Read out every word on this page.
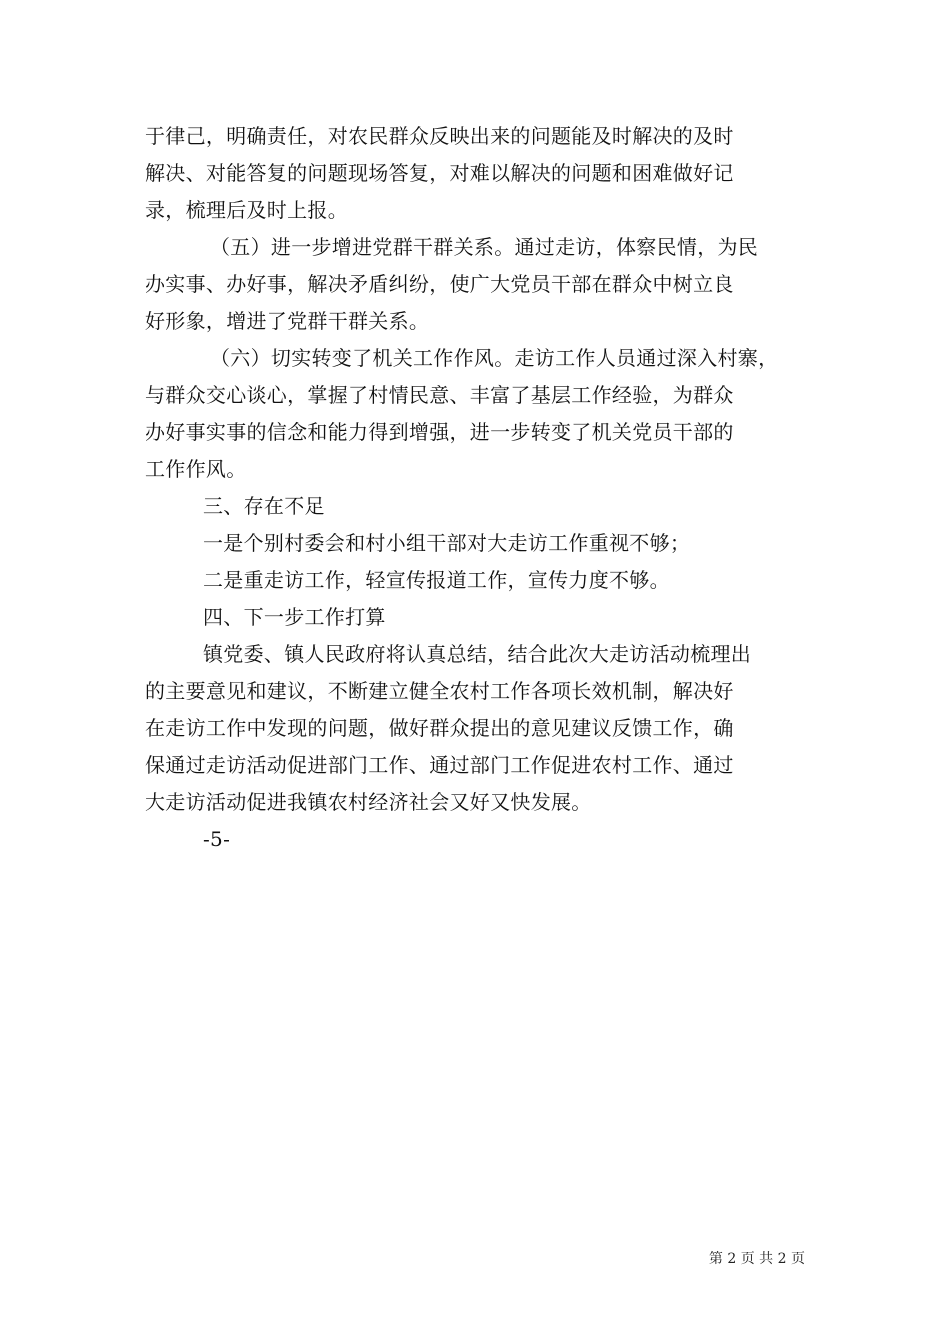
于律己，明确责任，对农民群众反映出来的问题能及时解决的及时
解决、对能答复的问题现场答复，对难以解决的问题和困难做好记
录，梳理后及时上报。
（五）进一步增进党群干群关系。通过走访，体察民情，为民
办实事、办好事，解决矛盾纠纷，使广大党员干部在群众中树立良
好形象，增进了党群干群关系。
（六）切实转变了机关工作作风。走访工作人员通过深入村寨，
与群众交心谈心，掌握了村情民意、丰富了基层工作经验，为群众
办好事实事的信念和能力得到增强，进一步转变了机关党员干部的
工作作风。
三、存在不足
一是个别村委会和村小组干部对大走访工作重视不够；
二是重走访工作，轻宣传报道工作，宣传力度不够。
四、下一步工作打算
镇党委、镇人民政府将认真总结，结合此次大走访活动梳理出
的主要意见和建议，不断建立健全农村工作各项长效机制，解决好
在走访工作中发现的问题，做好群众提出的意见建议反馈工作，确
保通过走访活动促进部门工作、通过部门工作促进农村工作、通过
大走访活动促进我镇农村经济社会又好又快发展。
-5-
第 2 页 共 2 页
